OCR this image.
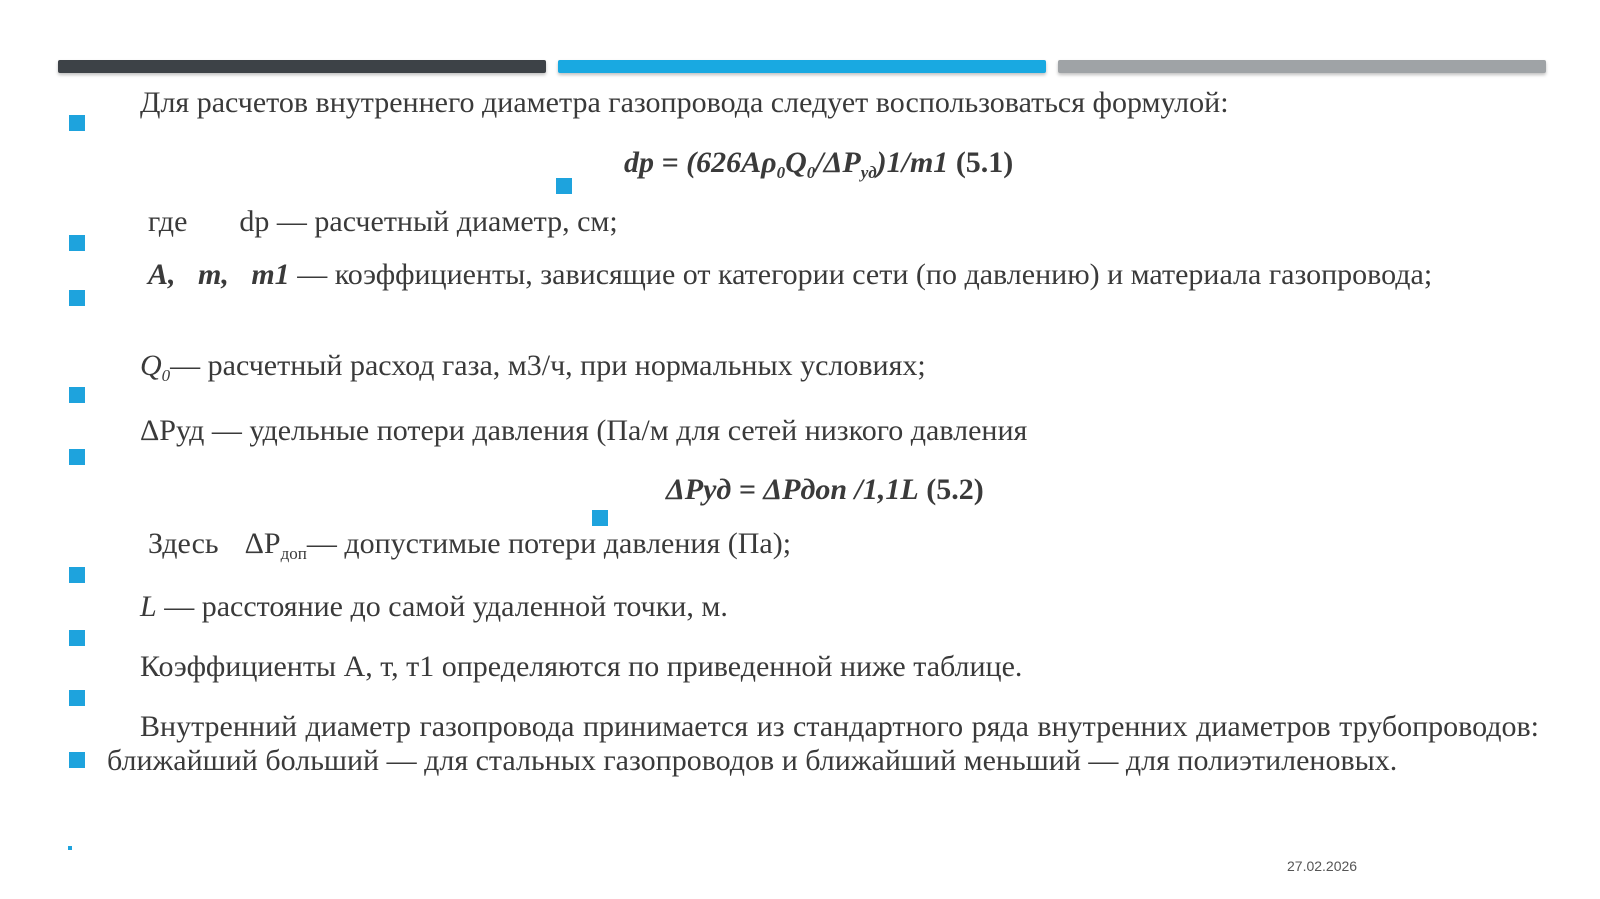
Для расчетов внутреннего диаметра газопровода следует воспользоваться формулой:
dp = $(626A\rho_0Q_0/\Delta P_{уд})1/m1$ (5.1)
где dp — расчетный диаметр, см;
A,   m,   m1 — коэффициенты, зависящие от категории сети (по давлению) и материала газопровода;
$Q_0—$ расчетный расход газа, м3/ч, при нормальных условиях;
ΔPуд — удельные потери давления (Па/м для сетей низкого давления
ΔPуд = ΔPдоп /1,1L (5.2)
Здесь $\Delta P_{доп}—$ допустимые потери давления (Па);
L — расстояние до самой удаленной точки, м.
Коэффициенты А, т, т1 определяются по приведенной ниже таблице.
Внутренний диаметр газопровода принимается из стандартного ряда внутренних диаметров трубопроводов: ближайший больший — для стальных газопроводов и ближайший меньший — для полиэтиленовых.
27.02.2026
